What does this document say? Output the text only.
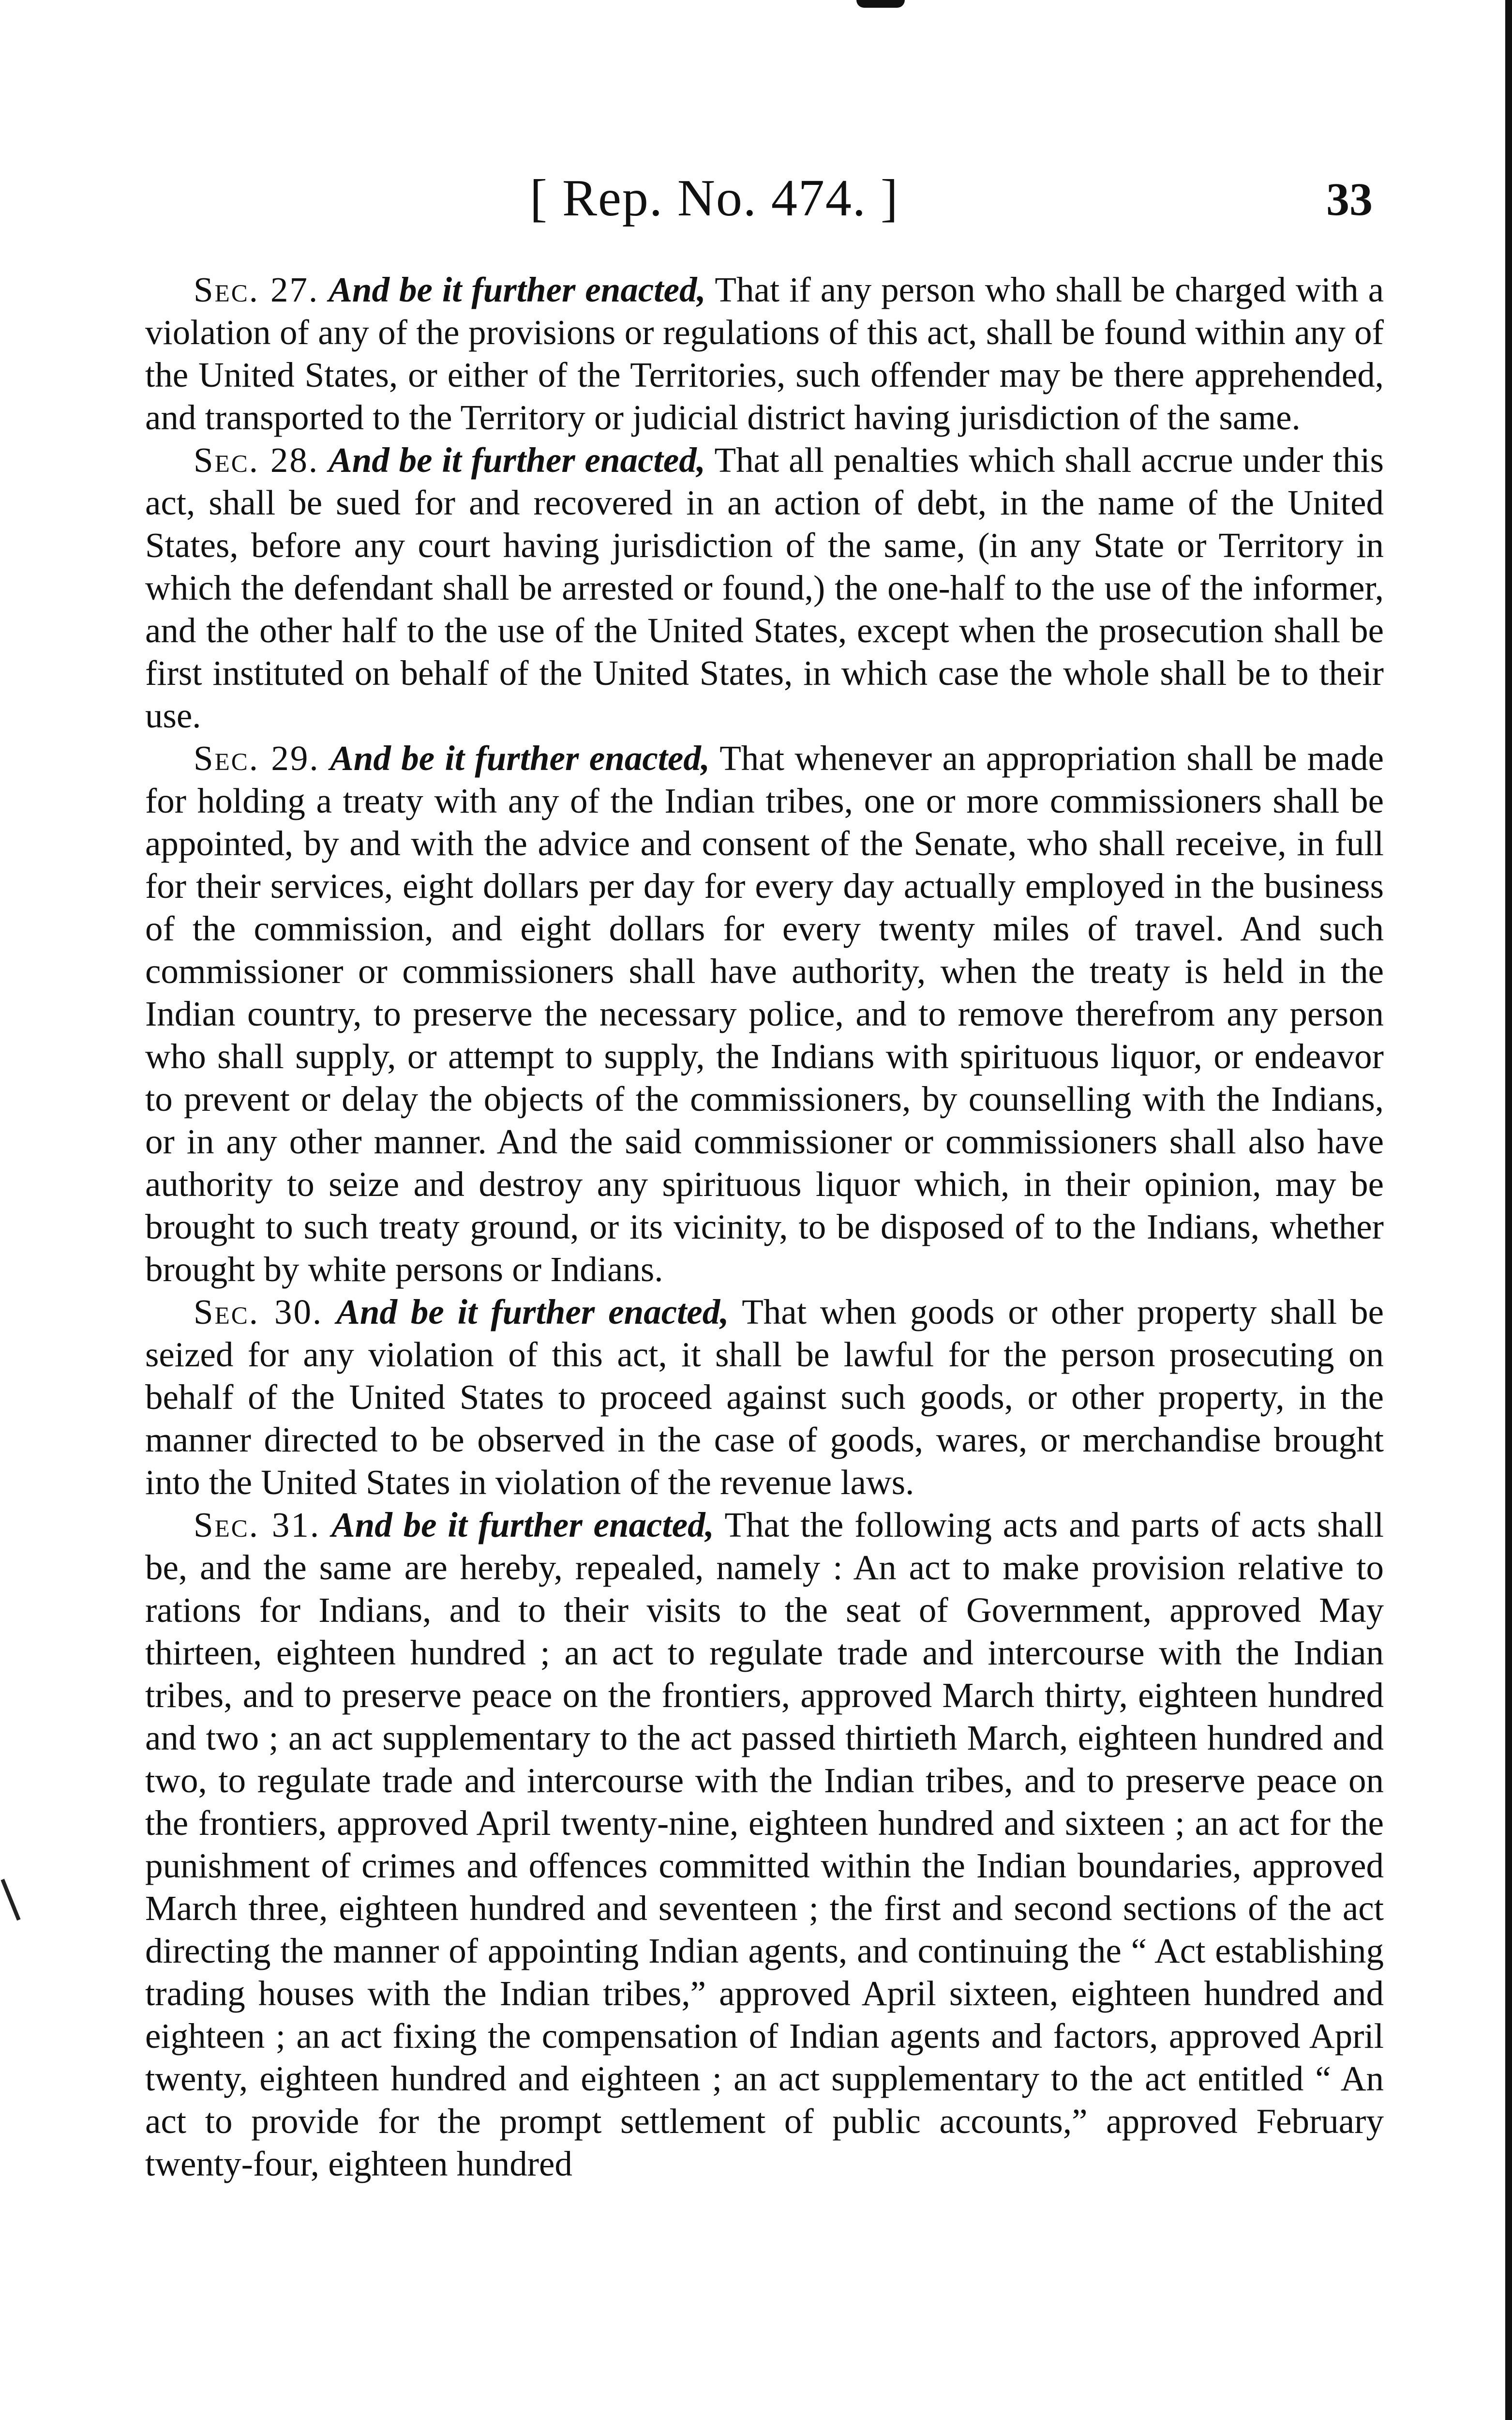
[ Rep. No. 474. ]	33

Sec. 27. And be it further enacted, That if any person who shall be charged with a violation of any of the provisions or regulations of this act, shall be found within any of the United States, or either of the Territories, such offender may be there apprehended, and transported to the Territory or judicial district having jurisdiction of the same.

Sec. 28. And be it further enacted, That all penalties which shall accrue under this act, shall be sued for and recovered in an action of debt, in the name of the United States, before any court having jurisdiction of the same, (in any State or Territory in which the defendant shall be arrested or found,) the one-half to the use of the informer, and the other half to the use of the United States, except when the prosecution shall be first instituted on behalf of the United States, in which case the whole shall be to their use.

Sec. 29. And be it further enacted, That whenever an appropriation shall be made for holding a treaty with any of the Indian tribes, one or more commissioners shall be appointed, by and with the advice and consent of the Senate, who shall receive, in full for their services, eight dollars per day for every day actually employed in the business of the commission, and eight dollars for every twenty miles of travel. And such commissioner or commissioners shall have authority, when the treaty is held in the Indian country, to preserve the necessary police, and to remove therefrom any person who shall supply, or attempt to supply, the Indians with spirituous liquor, or endeavor to prevent or delay the objects of the commissioners, by counselling with the Indians, or in any other manner. And the said commissioner or commissioners shall also have authority to seize and destroy any spirituous liquor which, in their opinion, may be brought to such treaty ground, or its vicinity, to be disposed of to the Indians, whether brought by white persons or Indians.

Sec. 30. And be it further enacted, That when goods or other property shall be seized for any violation of this act, it shall be lawful for the person prosecuting on behalf of the United States to proceed against such goods, or other property, in the manner directed to be observed in the case of goods, wares, or merchandise brought into the United States in violation of the revenue laws.

Sec. 31. And be it further enacted, That the following acts and parts of acts shall be, and the same are hereby, repealed, namely : An act to make provision relative to rations for Indians, and to their visits to the seat of Government, approved May thirteen, eighteen hundred ; an act to regulate trade and intercourse with the Indian tribes, and to preserve peace on the frontiers, approved March thirty, eighteen hundred and two ; an act supplementary to the act passed thirtieth March, eighteen hundred and two, to regulate trade and intercourse with the Indian tribes, and to preserve peace on the frontiers, approved April twenty-nine, eighteen hundred and sixteen ; an act for the punishment of crimes and offences committed within the Indian boundaries, approved March three, eighteen hundred and seventeen ; the first and second sections of the act directing the manner of appointing Indian agents, and continuing the “ Act establishing trading houses with the Indian tribes,” approved April sixteen, eighteen hundred and eighteen ; an act fixing the compensation of Indian agents and factors, approved April twenty, eighteen hundred and eighteen ; an act supplementary to the act entitled “ An act to provide for the prompt settlement of public accounts,” approved February twenty-four, eighteen hundred
